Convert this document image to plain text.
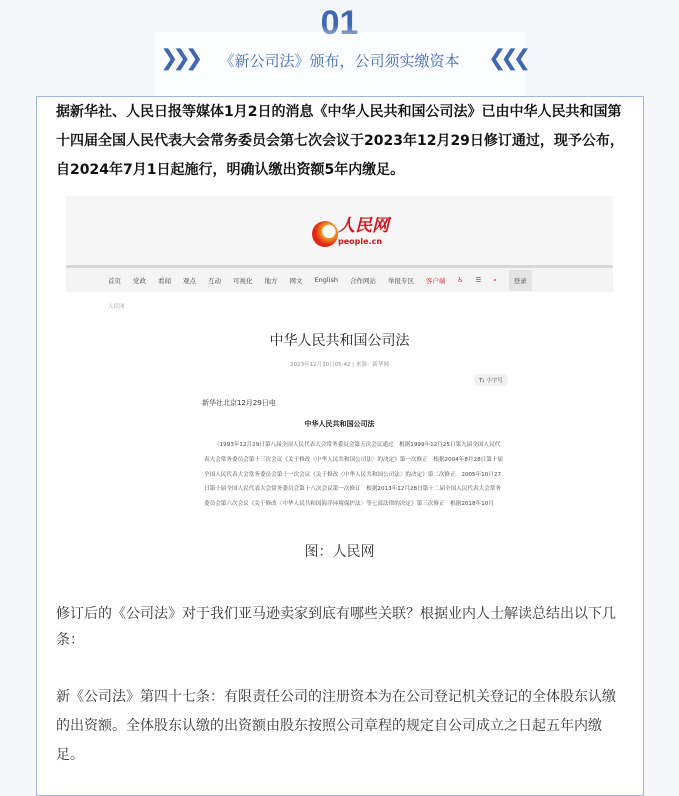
01
❯❯❯	《新公司法》颁布，公司须实缴资本	❮❮❮
据新华社、人民日报等媒体1月2日的消息《中华人民共和国公司法》已由中华人民共和国第十四届全国人民代表大会常务委员会第七次会议于2023年12月29日修订通过，现予公布，自2024年7月1日起施行，明确认缴出资额5年内缴足。
人民网
people.cn
首页 党政 看闻 观点 互动 可视化 地方 网文 English 合作网站 举报专区 客户端 ♿ ☰ ⌕	登录
人民网
中华人民共和国公司法
2023年12月30日05:42 | 来源：新华网
T₁ 小字号
新华社北京12月29日电
中华人民共和国公司法
（1993年12月29日第八届全国人民代表大会常务委员会第五次会议通过　根据1999年12月25日第九届全国人民代表大会常务委员会第十三次会议《关于修改〈中华人民共和国公司法〉的决定》第一次修正　根据2004年8月28日第十届全国人民代表大会常务委员会第十一次会议《关于修改〈中华人民共和国公司法〉的决定》第二次修正　2005年10月27日第十届全国人民代表大会常务委员会第十八次会议第一次修订　根据2013年12月28日第十二届全国人民代表大会常务委员会第六次会议《关于修改〈中华人民共和国海洋环境保护法〉等七部法律的决定》第三次修正　根据2018年10月
图：人民网
修订后的《公司法》对于我们亚马逊卖家到底有哪些关联？根据业内人士解读总结出以下几条：
新《公司法》第四十七条：有限责任公司的注册资本为在公司登记机关登记的全体股东认缴的出资额。全体股东认缴的出资额由股东按照公司章程的规定自公司成立之日起五年内缴足。
